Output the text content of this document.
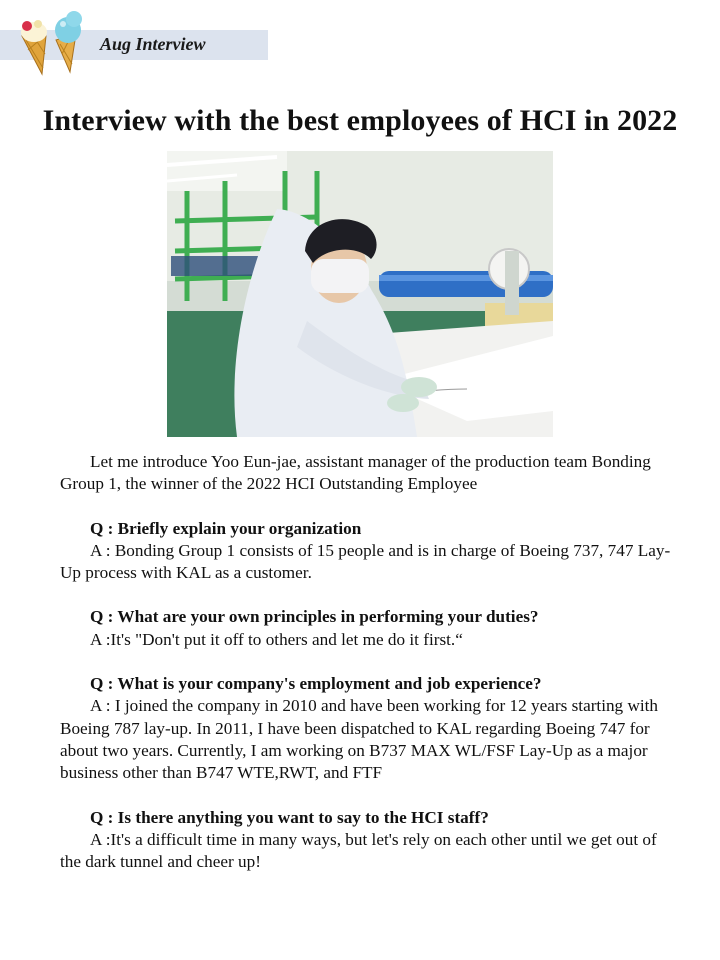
Aug Interview
Interview with the best employees of HCI in 2022

Let me introduce Yoo Eun-jae, assistant manager of the production team Bonding Group 1, the winner of the 2022 HCI Outstanding Employee

Q : Briefly explain your organization

A : Bonding Group 1 consists of 15 people and is in charge of Boeing 737, 747 Lay-Up process with KAL as a customer.

Q : What are your own principles in performing your duties?

A :It's "Don't put it off to others and let me do it first.“

Q : What is your company's employment and job experience?

A : I joined the company in 2010 and have been working for 12 years starting with Boeing 787 lay-up. In 2011, I have been dispatched to KAL regarding Boeing 747 for about two years. Currently, I am working on B737 MAX WL/FSF Lay-Up as a major business other than B747 WTE,RWT, and FTF

Q : Is there anything you want to say to the HCI staff?

A :It's a difficult time in many ways, but let's rely on each other until we get out of the dark tunnel and cheer up!
